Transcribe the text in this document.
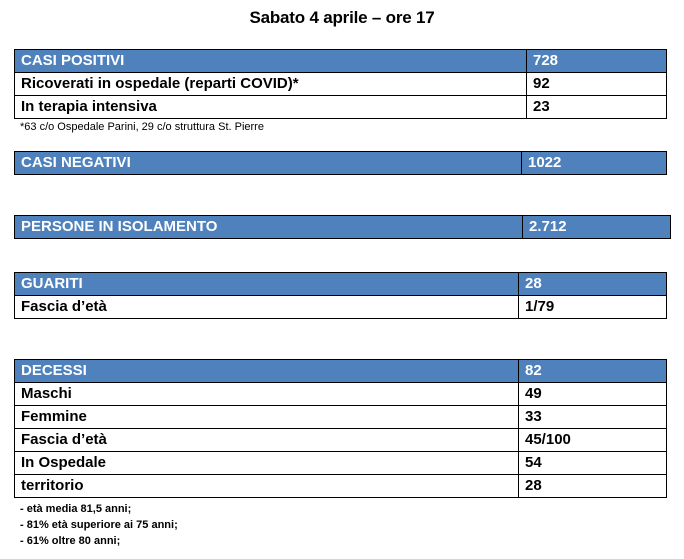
Sabato 4 aprile – ore 17
CASI POSITIVI	728
Ricoverati in ospedale (reparti COVID)*	92
In terapia intensiva	23
*63 c/o Ospedale Parini, 29 c/o struttura St. Pierre
CASI NEGATIVI	1022
PERSONE IN ISOLAMENTO	2.712
GUARITI	28
Fascia d’età	1/79
DECESSI	82
Maschi	49
Femmine	33
Fascia d’età	45/100
In Ospedale	54
territorio	28
- età media 81,5 anni;
- 81% età superiore ai 75 anni;
- 61% oltre 80 anni;
